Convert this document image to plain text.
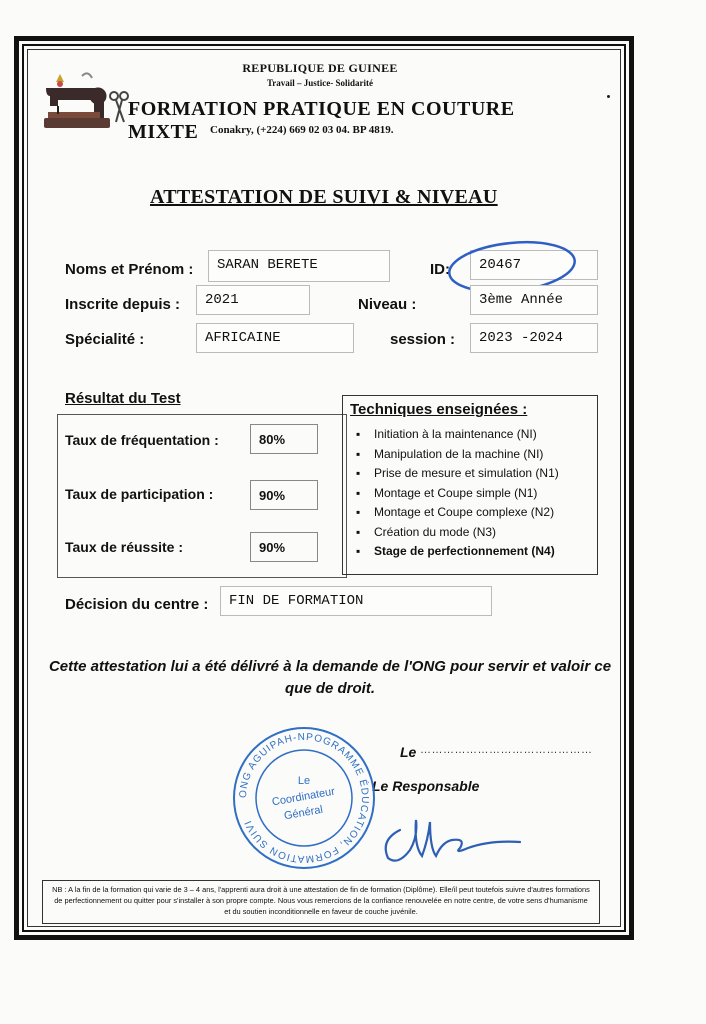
REPUBLIQUE DE GUINEE
Travail – Justice- Solidarité
FORMATION PRATIQUE EN COUTURE MIXTE	Conakry, (+224) 669 02 03 04. BP 4819.
ATTESTATION DE SUIVI & NIVEAU
Noms et Prénom :	SARAN BERETE	ID:	20467
Inscrite depuis :	2021	Niveau :	3ème Année
Spécialité :	AFRICAINE	session :	2023 -2024
Résultat du Test
Taux de fréquentation :	80%
Taux de participation :	90%
Taux de réussite :	90%
Techniques enseignées :
▪ Initiation à la maintenance (NI)
▪ Manipulation de la machine (NI)
▪ Prise de mesure et simulation (N1)
▪ Montage et Coupe simple (N1)
▪ Montage et Coupe complexe (N2)
▪ Création du mode (N3)
▪ Stage de perfectionnement (N4)
Décision du centre :	FIN DE FORMATION
Cette attestation lui a été délivré à la demande de l'ONG pour servir et valoir ce que de droit.
Le ………………………………………
Le Responsable
ONG AGUIPAH-NPOGRAMME ÉDUCATION, FORMATION SUIVI
Le
Coordinateur
Général
NB : A la fin de la formation qui varie de 3 – 4 ans, l'apprenti aura droit à une attestation de fin de formation (Diplôme). Elle/il peut toutefois suivre d'autres formations de perfectionnement ou quitter pour s'installer à son propre compte. Nous vous remercions de la confiance renouvelée en notre centre, de votre sens d'humanisme et du soutien inconditionnelle en faveur de couche juvénile.
